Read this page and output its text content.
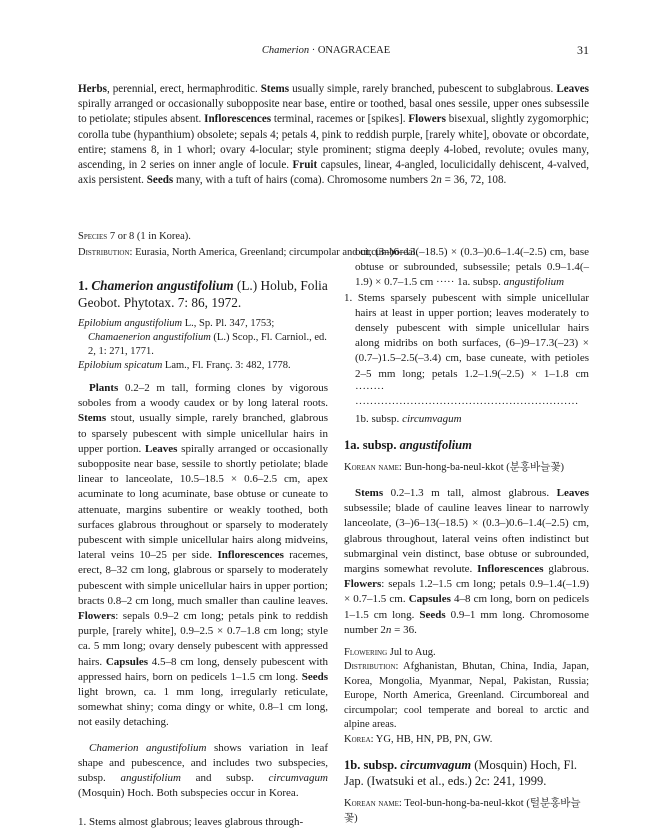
Chamerion · ONAGRACEAE	31

Herbs, perennial, erect, hermaphroditic. Stems usually simple, rarely branched, pubescent to subglabrous. Leaves spirally arranged or occasionally subopposite near base, entire or toothed, basal ones sessile, upper ones subsessile to petiolate; stipules absent. Inflorescences terminal, racemes or [spikes]. Flowers bisexual, slightly zygomorphic; corolla tube (hypanthium) obsolete; sepals 4; petals 4, pink to reddish purple, [rarely white], obovate or obcordate, entire; stamens 8, in 1 whorl; ovary 4-locular; style prominent; stigma deeply 4-lobed, revolute; ovules many, ascending, in 2 series on inner angle of locule. Fruit capsules, linear, 4-angled, loculicidally dehiscent, 4-valved, axis persistent. Seeds many, with a tuft of hairs (coma). Chromosome numbers 2n = 36, 72, 108.

Species 7 or 8 (1 in Korea).
Distribution: Eurasia, North America, Greenland; circumpolar and circumboreal.

1. Chamerion angustifolium (L.) Holub, Folia Geobot. Phytotax. 7: 86, 1972.

Epilobium angustifolium L., Sp. Pl. 347, 1753; Chamaenerion angustifolium (L.) Scop., Fl. Carniol., ed. 2, 1: 271, 1771.

Epilobium spicatum Lam., Fl. Franç. 3: 482, 1778.

Plants 0.2–2 m tall, forming clones by vigorous soboles from a woody caudex or by long lateral roots. Stems stout, usually simple, rarely branched, glabrous to sparsely pubescent with simple unicellular hairs in upper portion. Leaves spirally arranged or occasionally subopposite near base, sessile to shortly petiolate; blade linear to lanceolate, 10.5–18.5 × 0.6–2.5 cm, apex acuminate to long acuminate, base obtuse or cuneate to attenuate, margins subentire or weakly toothed, both surfaces glabrous throughout or sparsely to moderately pubescent with simple unicellular hairs along midveins, lateral veins 10–25 per side. Inflorescences racemes, erect, 8–32 cm long, glabrous or sparsely to moderately pubescent with simple unicellular hairs in upper portion; bracts 0.8–2 cm long, much smaller than cauline leaves. Flowers: sepals 0.9–2 cm long; petals pink to reddish purple, [rarely white], 0.9–2.5 × 0.7–1.8 cm long; style ca. 5 mm long; ovary densely pubescent with appressed hairs. Capsules 4.5–8 cm long, densely pubescent with appressed hairs, born on pedicels 1–1.5 cm long. Seeds light brown, ca. 1 mm long, irregularly reticulate, somewhat shiny; coma dingy or white, 0.8–1 cm long, not easily detaching.

Chamerion angustifolium shows variation in leaf shape and pubescence, and includes two subspecies, subsp. angustifolium and subsp. circumvagum (Mosquin) Hoch. Both subspecies occur in Korea.

1. Stems almost glabrous; leaves glabrous through-

out, (3–)6–13(–18.5) × (0.3–)0.6–1.4(–2.5) cm, base obtuse or subrounded, subsessile; petals 0.9–1.4(–1.9) × 0.7–1.5 cm ····· 1a. subsp. angustifolium

1. Stems sparsely pubescent with simple unicellular hairs at least in upper portion; leaves moderately to densely pubescent with simple unicellular hairs along midribs on both surfaces, (6–)9–17.3(–23) × (0.7–)1.5–2.5(–3.4) cm, base cuneate, with petioles 2–5 mm long; petals 1.2–1.9(–2.5) × 1–1.8 cm ········ ····························································· 1b. subsp. circumvagum

1a. subsp. angustifolium

Korean name: Bun-hong-ba-neul-kkot (분홍바늘꽃)

Stems 0.2–1.3 m tall, almost glabrous. Leaves subsessile; blade of cauline leaves linear to narrowly lanceolate, (3–)6–13(–18.5) × (0.3–)0.6–1.4(–2.5) cm, glabrous throughout, lateral veins often indistinct but submarginal vein distinct, base obtuse or subrounded, margins somewhat revolute. Inflorescences glabrous. Flowers: sepals 1.2–1.5 cm long; petals 0.9–1.4(–1.9) × 0.7–1.5 cm. Capsules 4–8 cm long, born on pedicels 1–1.5 cm long. Seeds 0.9–1 mm long. Chromosome number 2n = 36.

Flowering Jul to Aug.

Distribution: Afghanistan, Bhutan, China, India, Japan, Korea, Mongolia, Myanmar, Nepal, Pakistan, Russia; Europe, North America, Greenland. Circumboreal and circumpolar; cool temperate and boreal to arctic and alpine areas.

Korea: YG, HB, HN, PB, PN, GW.

1b. subsp. circumvagum (Mosquin) Hoch, Fl. Jap. (Iwatsuki et al., eds.) 2c: 241, 1999.

Korean name: Teol-bun-hong-ba-neul-kkot (털분홍바늘꽃)
